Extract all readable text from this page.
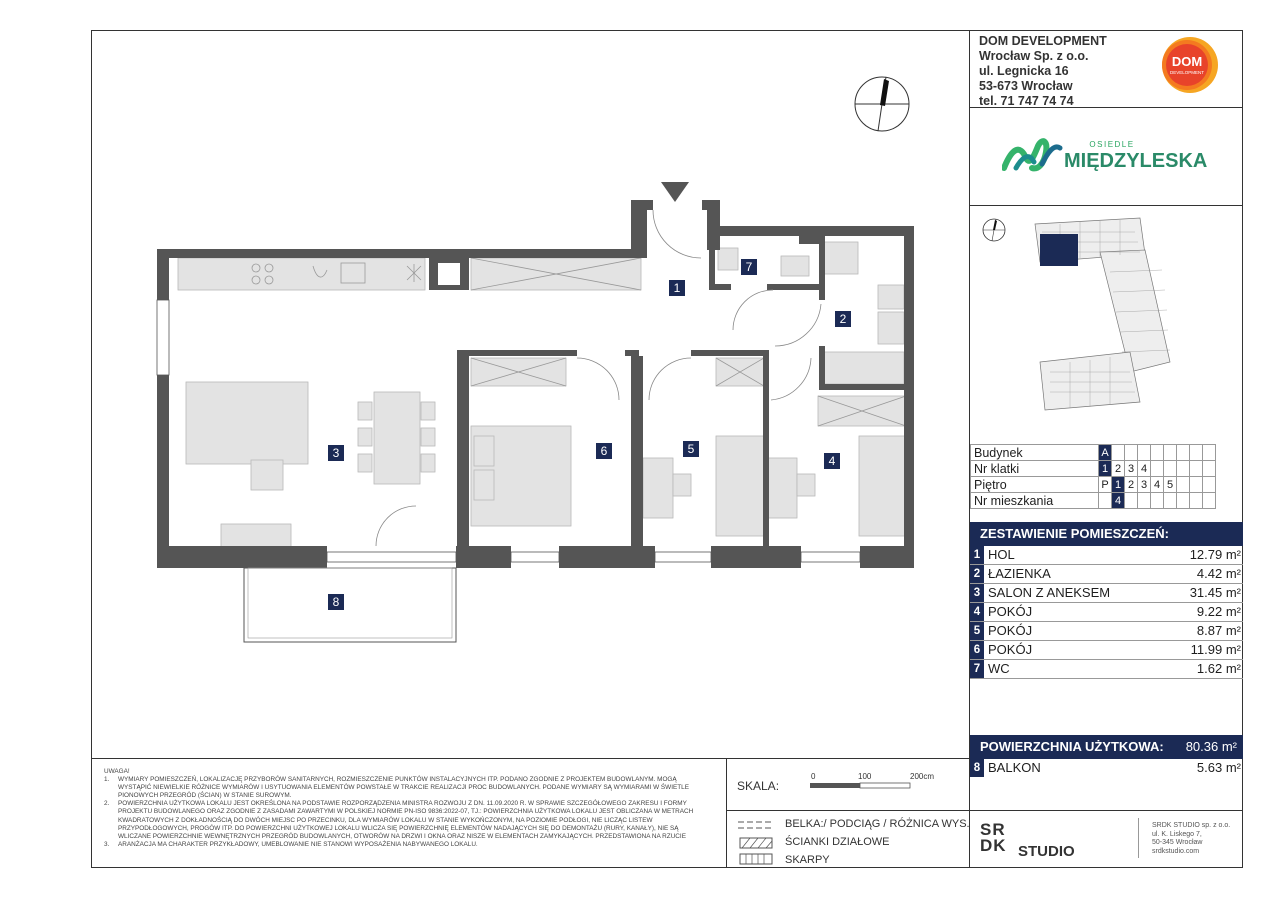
DOM DEVELOPMENT
Wrocław Sp. z o.o.
ul. Legnicka 16
53-673 Wrocław
tel. 71 747 74 74
DOM
DEVELOPMENT
OSIEDLE
MIĘDZYLESKA
Budynek	A								
Nr klatki	1	2	3	4					
Piętro	P	1	2	3	4	5			
Nr mieszkania		4							
ZESTAWIENIE POMIESZCZEŃ:
1 HOL	12.79 m²
2 ŁAZIENKA	4.42 m²
3 SALON Z ANEKSEM	31.45 m²
4 POKÓJ	9.22 m²
5 POKÓJ	8.87 m²
6 POKÓJ	11.99 m²
7 WC	1.62 m²
POWIERZCHNIA UŻYTKOWA: 80.36 m²
8 BALKON	5.63 m²
UWAGA!
1. WYMIARY POMIESZCZEŃ, LOKALIZACJĘ PRZYBORÓW SANITARNYCH, ROZMIESZCZENIE PUNKTÓW INSTALACYJNYCH ITP. PODANO ZGODNIE Z PROJEKTEM BUDOWLANYM. MOGĄ
WYSTĄPIĆ NIEWIELKIE RÓŻNICE WYMIARÓW I USYTUOWANIA ELEMENTÓW POWSTAŁE W TRAKCIE REALIZACJI PROC BUDOWLANYCH. PODANE WYMIARY SĄ WYMIARAMI W ŚWIETLE
PIONOWYCH PRZEGRÓD (ŚCIAN) W STANIE SUROWYM.
2. POWIERZCHNIA UŻYTKOWA LOKALU JEST OKREŚLONA NA PODSTAWIE ROZPORZĄDZENIA MINISTRA ROZWOJU Z DN. 11.09.2020 R. W SPRAWIE SZCZEGÓŁOWEGO ZAKRESU I FORMY
PROJEKTU BUDOWLANEGO ORAZ ZGODNIE Z ZASADAMI ZAWARTYMI W POLSKIEJ NORMIE PN-ISO 9836:2022-07, TJ.: POWIERZCHNIA UŻYTKOWA LOKALU JEST OBLICZANA W METRACH
KWADRATOWYCH Z DOKŁADNOŚCIĄ DO DWÓCH MIEJSC PO PRZECINKU, DLA WYMIARÓW LOKALU W STANIE WYKOŃCZONYM, NA POZIOMIE PODŁOGI, NIE LICZĄC LISTEW
PRZYPODŁOGOWYCH, PROGÓW ITP. DO POWIERZCHNI UŻYTKOWEJ LOKALU WLICZA SIĘ POWIERZCHNIĘ ELEMENTÓW NADAJĄCYCH SIĘ DO DEMONTAŻU (RURY, KANAŁY), NIE SĄ
WLICZANE POWIERZCHNIE WEWNĘTRZNYCH PRZEGRÓD BUDOWLANYCH, OTWORÓW NA DRZWI I OKNA ORAZ NISZE W ELEMENTACH ZAMYKAJĄCYCH. PRZEDSTAWIONA NA RZUCIE
3. ARANŻACJA MA CHARAKTER PRZYKŁADOWY, UMEBLOWANIE NIE STANOWI WYPOSAŻENIA NABYWANEGO LOKALU.
SKALA:
0	100	200cm
BELKA:/ PODCIĄG / RÓŻNICA WYS.
ŚCIANKI DZIAŁOWE
SKARPY
SR
DK STUDIO
SRDK STUDIO sp. z o.o.
ul. K. Liskego 7,
50-345 Wrocław
srdkstudio.com
1
2
3
4
5
6
7
8
